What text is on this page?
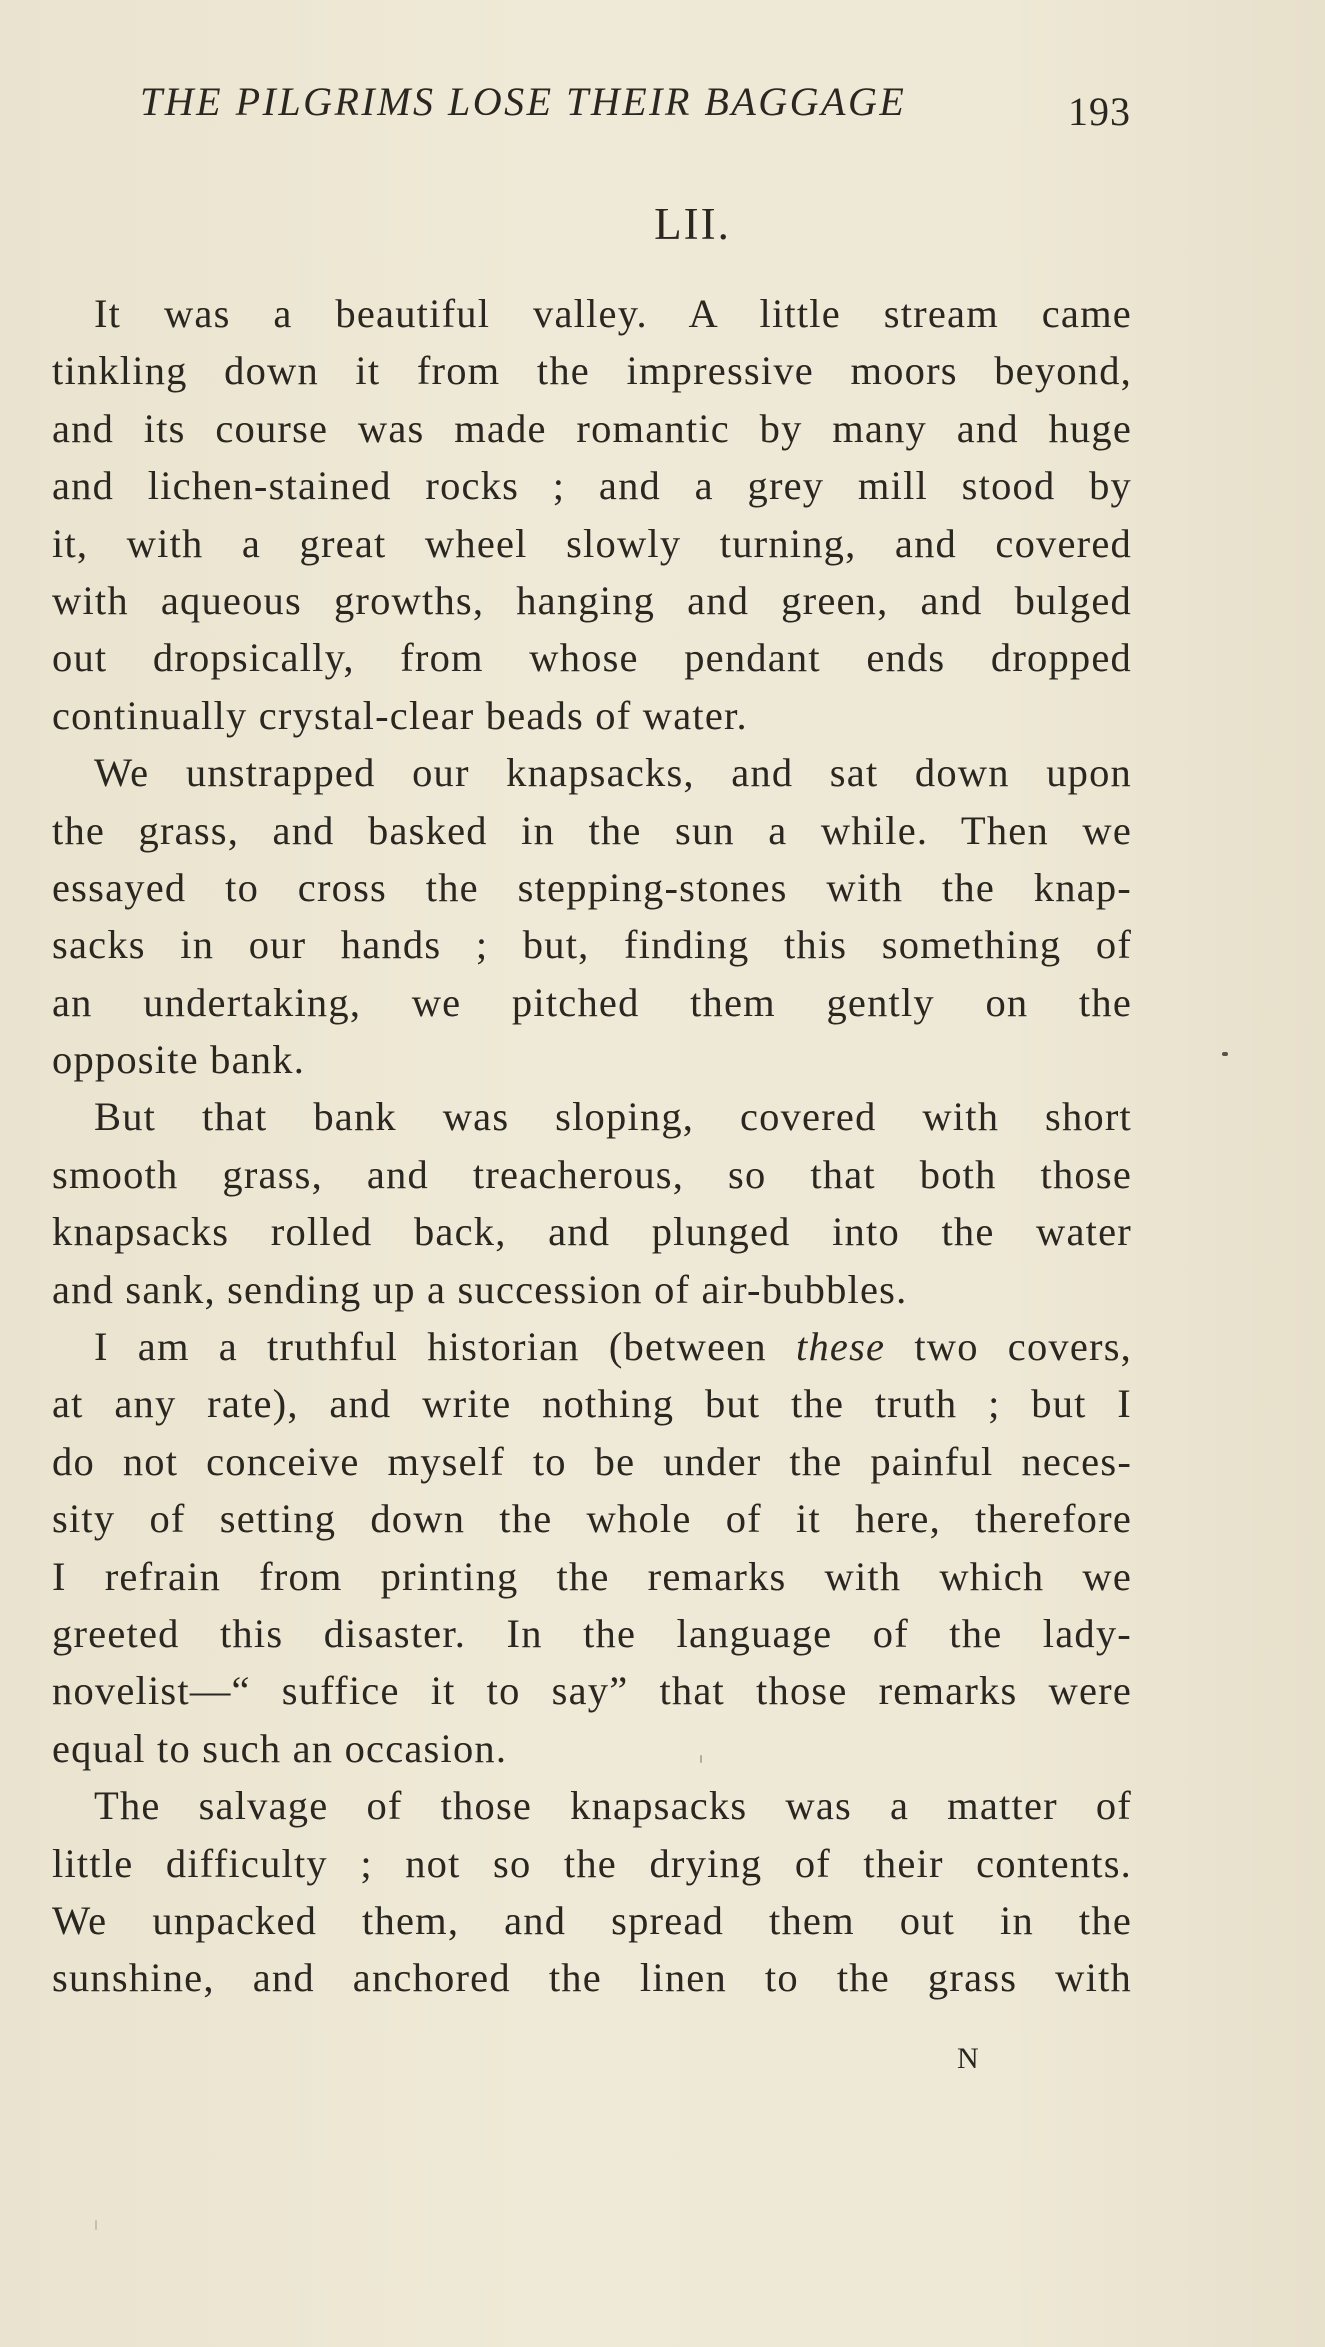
THE PILGRIMS LOSE THEIR BAGGAGE	193
LII.
It was a beautiful valley. A little stream came
tinkling down it from the impressive moors beyond,
and its course was made romantic by many and huge
and lichen-stained rocks ; and a grey mill stood by
it, with a great wheel slowly turning, and covered
with aqueous growths, hanging and green, and bulged
out dropsically, from whose pendant ends dropped
continually crystal-clear beads of water.
We unstrapped our knapsacks, and sat down upon
the grass, and basked in the sun a while. Then we
essayed to cross the stepping-stones with the knap-
sacks in our hands ; but, finding this something of
an undertaking, we pitched them gently on the
opposite bank.
But that bank was sloping, covered with short
smooth grass, and treacherous, so that both those
knapsacks rolled back, and plunged into the water
and sank, sending up a succession of air-bubbles.
I am a truthful historian (between these two covers,
at any rate), and write nothing but the truth ; but I
do not conceive myself to be under the painful neces-
sity of setting down the whole of it here, therefore
I refrain from printing the remarks with which we
greeted this disaster. In the language of the lady-
novelist—“ suffice it to say” that those remarks were
equal to such an occasion.
The salvage of those knapsacks was a matter of
little difficulty ; not so the drying of their contents.
We unpacked them, and spread them out in the
sunshine, and anchored the linen to the grass with
N
